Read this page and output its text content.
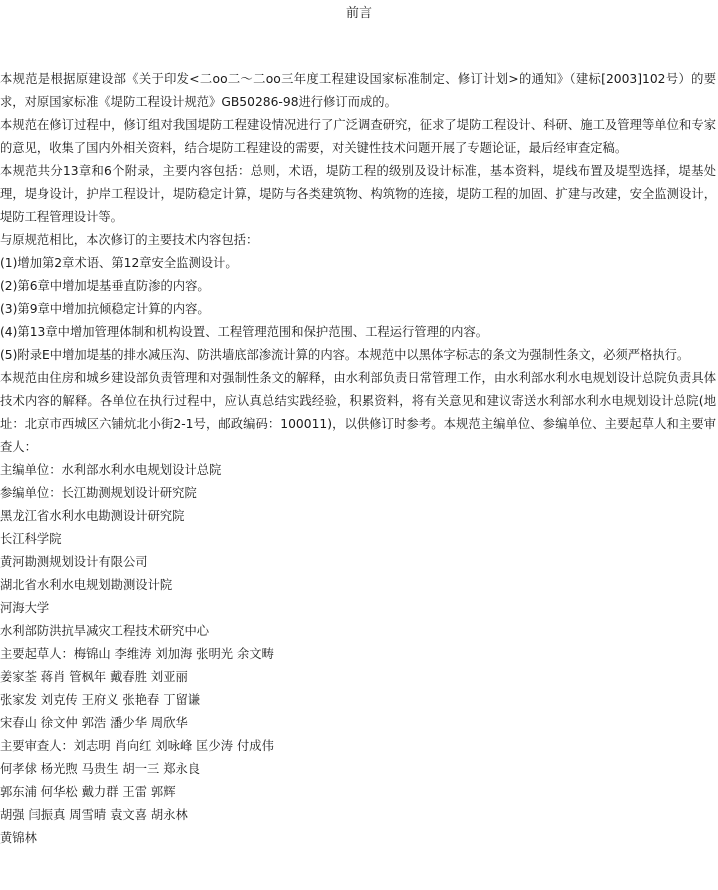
前言

本规范是根据原建设部《关于印发<二oo二～二oo三年度工程建设国家标准制定、修订计划>的通知》（建标[2003]102号）的要求，对原国家标准《堤防工程设计规范》GB50286-98进行修订而成的。

本规范在修订过程中，修订组对我国堤防工程建设情况进行了广泛调查研究，征求了堤防工程设计、科研、施工及管理等单位和专家的意见，收集了国内外相关资料，结合堤防工程建设的需要，对关键性技术问题开展了专题论证，最后经审查定稿。

本规范共分13章和6个附录，主要内容包括：总则，术语，堤防工程的级别及设计标准，基本资料，堤线布置及堤型选择，堤基处理，堤身设计，护岸工程设计，堤防稳定计算，堤防与各类建筑物、构筑物的连接，堤防工程的加固、扩建与改建，安全监测设计，堤防工程管理设计等。

与原规范相比，本次修订的主要技术内容包括：

(1)增加第2章术语、第12章安全监测设计。

(2)第6章中增加堤基垂直防渗的内容。

(3)第9章中增加抗倾稳定计算的内容。

(4)第13章中增加管理体制和机构设置、工程管理范围和保护范围、工程运行管理的内容。

(5)附录E中增加堤基的排水减压沟、防洪墙底部渗流计算的内容。本规范中以黑体字标志的条文为强制性条文，必须严格执行。

本规范由住房和城乡建设部负责管理和对强制性条文的解释，由水利部负责日常管理工作，由水利部水利水电规划设计总院负责具体技术内容的解释。各单位在执行过程中，应认真总结实践经验，积累资料，将有关意见和建议寄送水利部水利水电规划设计总院(地址：北京市西城区六铺炕北小街2-1号，邮政编码：100011)，以供修订时参考。本规范主编单位、参编单位、主要起草人和主要审查人：

主编单位：水利部水利水电规划设计总院

参编单位：长江勘测规划设计研究院

黑龙江省水利水电勘测设计研究院

长江科学院

黄河勘测规划设计有限公司

湖北省水利水电规划勘测设计院

河海大学

水利部防洪抗旱减灾工程技术研究中心

主要起草人：梅锦山 李维涛 刘加海 张明光 余文畴

姜家荃 蒋肖 管枫年 戴春胜 刘亚丽

张家发 刘克传 王府义 张艳春 丁留谦

宋春山 徐文仲 郭浩 潘少华 周欣华

主要审查人：刘志明 肖向红 刘咏峰 匡少涛 付成伟

何孝俅 杨光煦 马贵生 胡一三 郑永良

郭东浦 何华松 戴力群 王雷 郭辉

胡强 闫振真 周雪晴 袁文喜 胡永林

黄锦林
